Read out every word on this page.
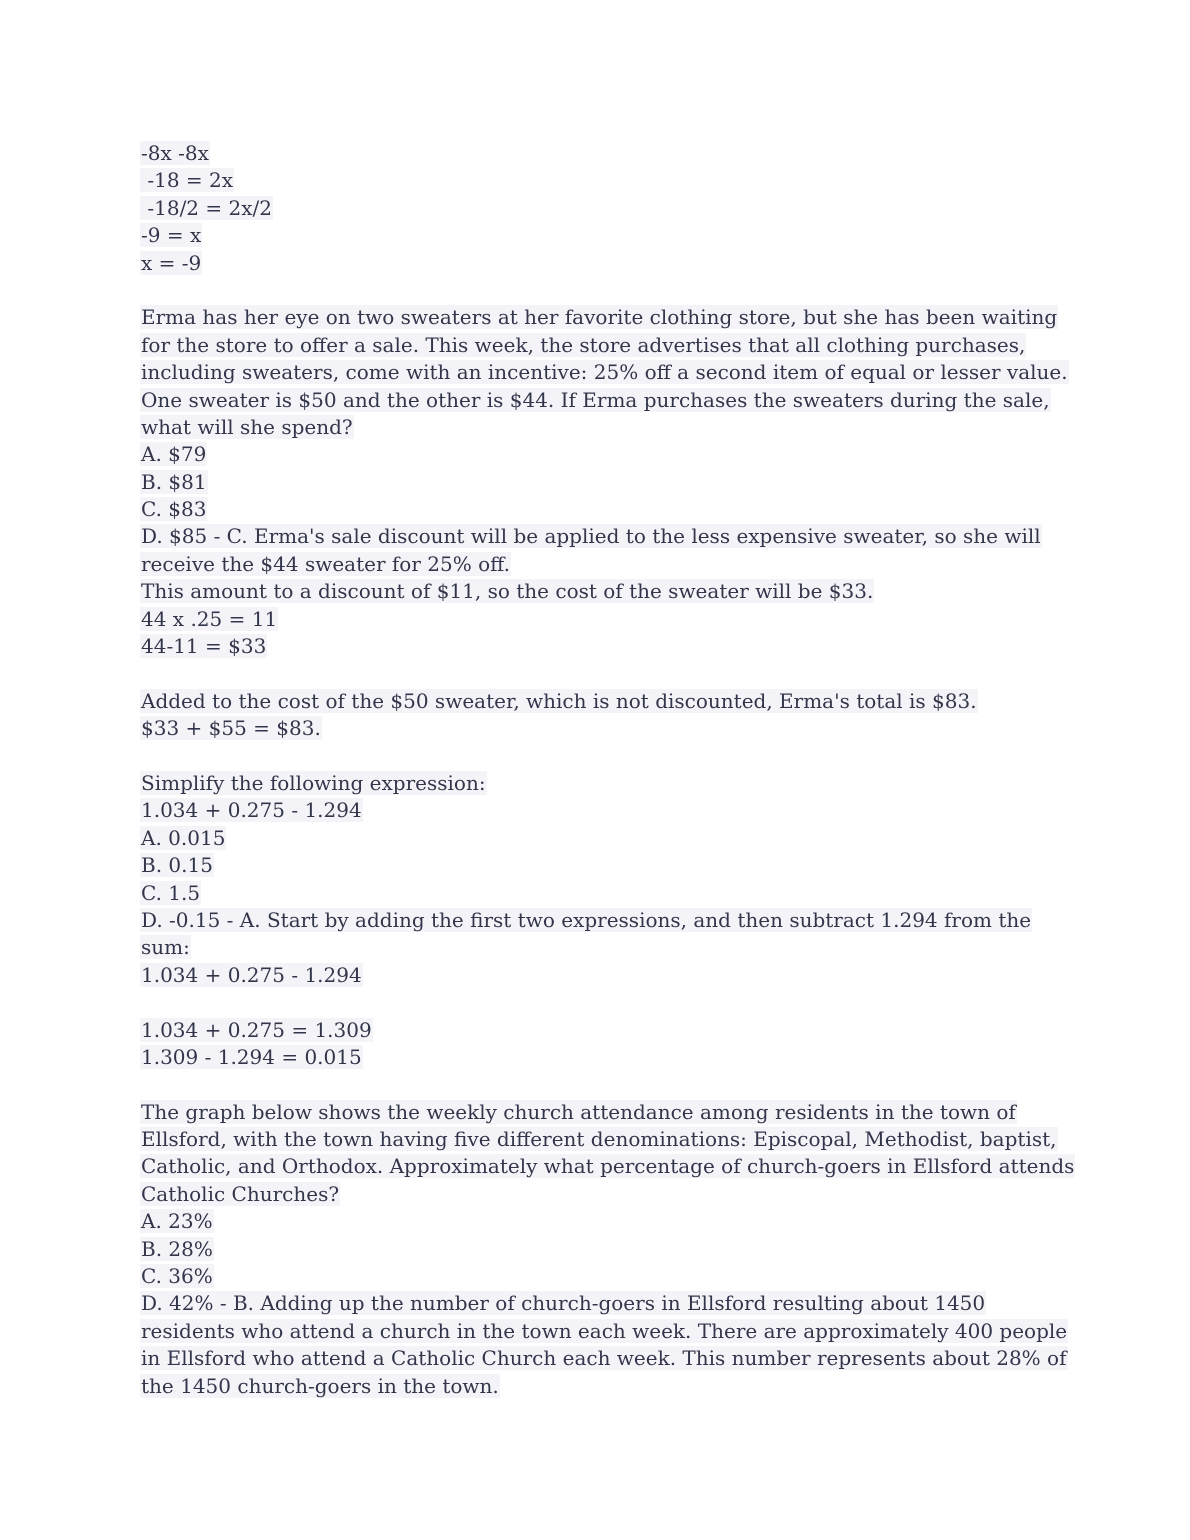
-8x -8x
-18 = 2x
-18/2 = 2x/2
-9 = x
x = -9
Erma has her eye on two sweaters at her favorite clothing store, but she has been waiting
for the store to offer a sale. This week, the store advertises that all clothing purchases,
including sweaters, come with an incentive: 25% off a second item of equal or lesser value.
One sweater is $50 and the other is $44. If Erma purchases the sweaters during the sale,
what will she spend?
A. $79
B. $81
C. $83
D. $85 - C. Erma's sale discount will be applied to the less expensive sweater, so she will
receive the $44 sweater for 25% off.
This amount to a discount of $11, so the cost of the sweater will be $33.
44 x .25 = 11
44-11 = $33
Added to the cost of the $50 sweater, which is not discounted, Erma's total is $83.
$33 + $55 = $83.
Simplify the following expression:
1.034 + 0.275 - 1.294
A. 0.015
B. 0.15
C. 1.5
D. -0.15 - A. Start by adding the first two expressions, and then subtract 1.294 from the
sum:
1.034 + 0.275 - 1.294
1.034 + 0.275 = 1.309
1.309 - 1.294 = 0.015
The graph below shows the weekly church attendance among residents in the town of
Ellsford, with the town having five different denominations: Episcopal, Methodist, baptist,
Catholic, and Orthodox. Approximately what percentage of church-goers in Ellsford attends
Catholic Churches?
A. 23%
B. 28%
C. 36%
D. 42% - B. Adding up the number of church-goers in Ellsford resulting about 1450
residents who attend a church in the town each week. There are approximately 400 people
in Ellsford who attend a Catholic Church each week. This number represents about 28% of
the 1450 church-goers in the town.
